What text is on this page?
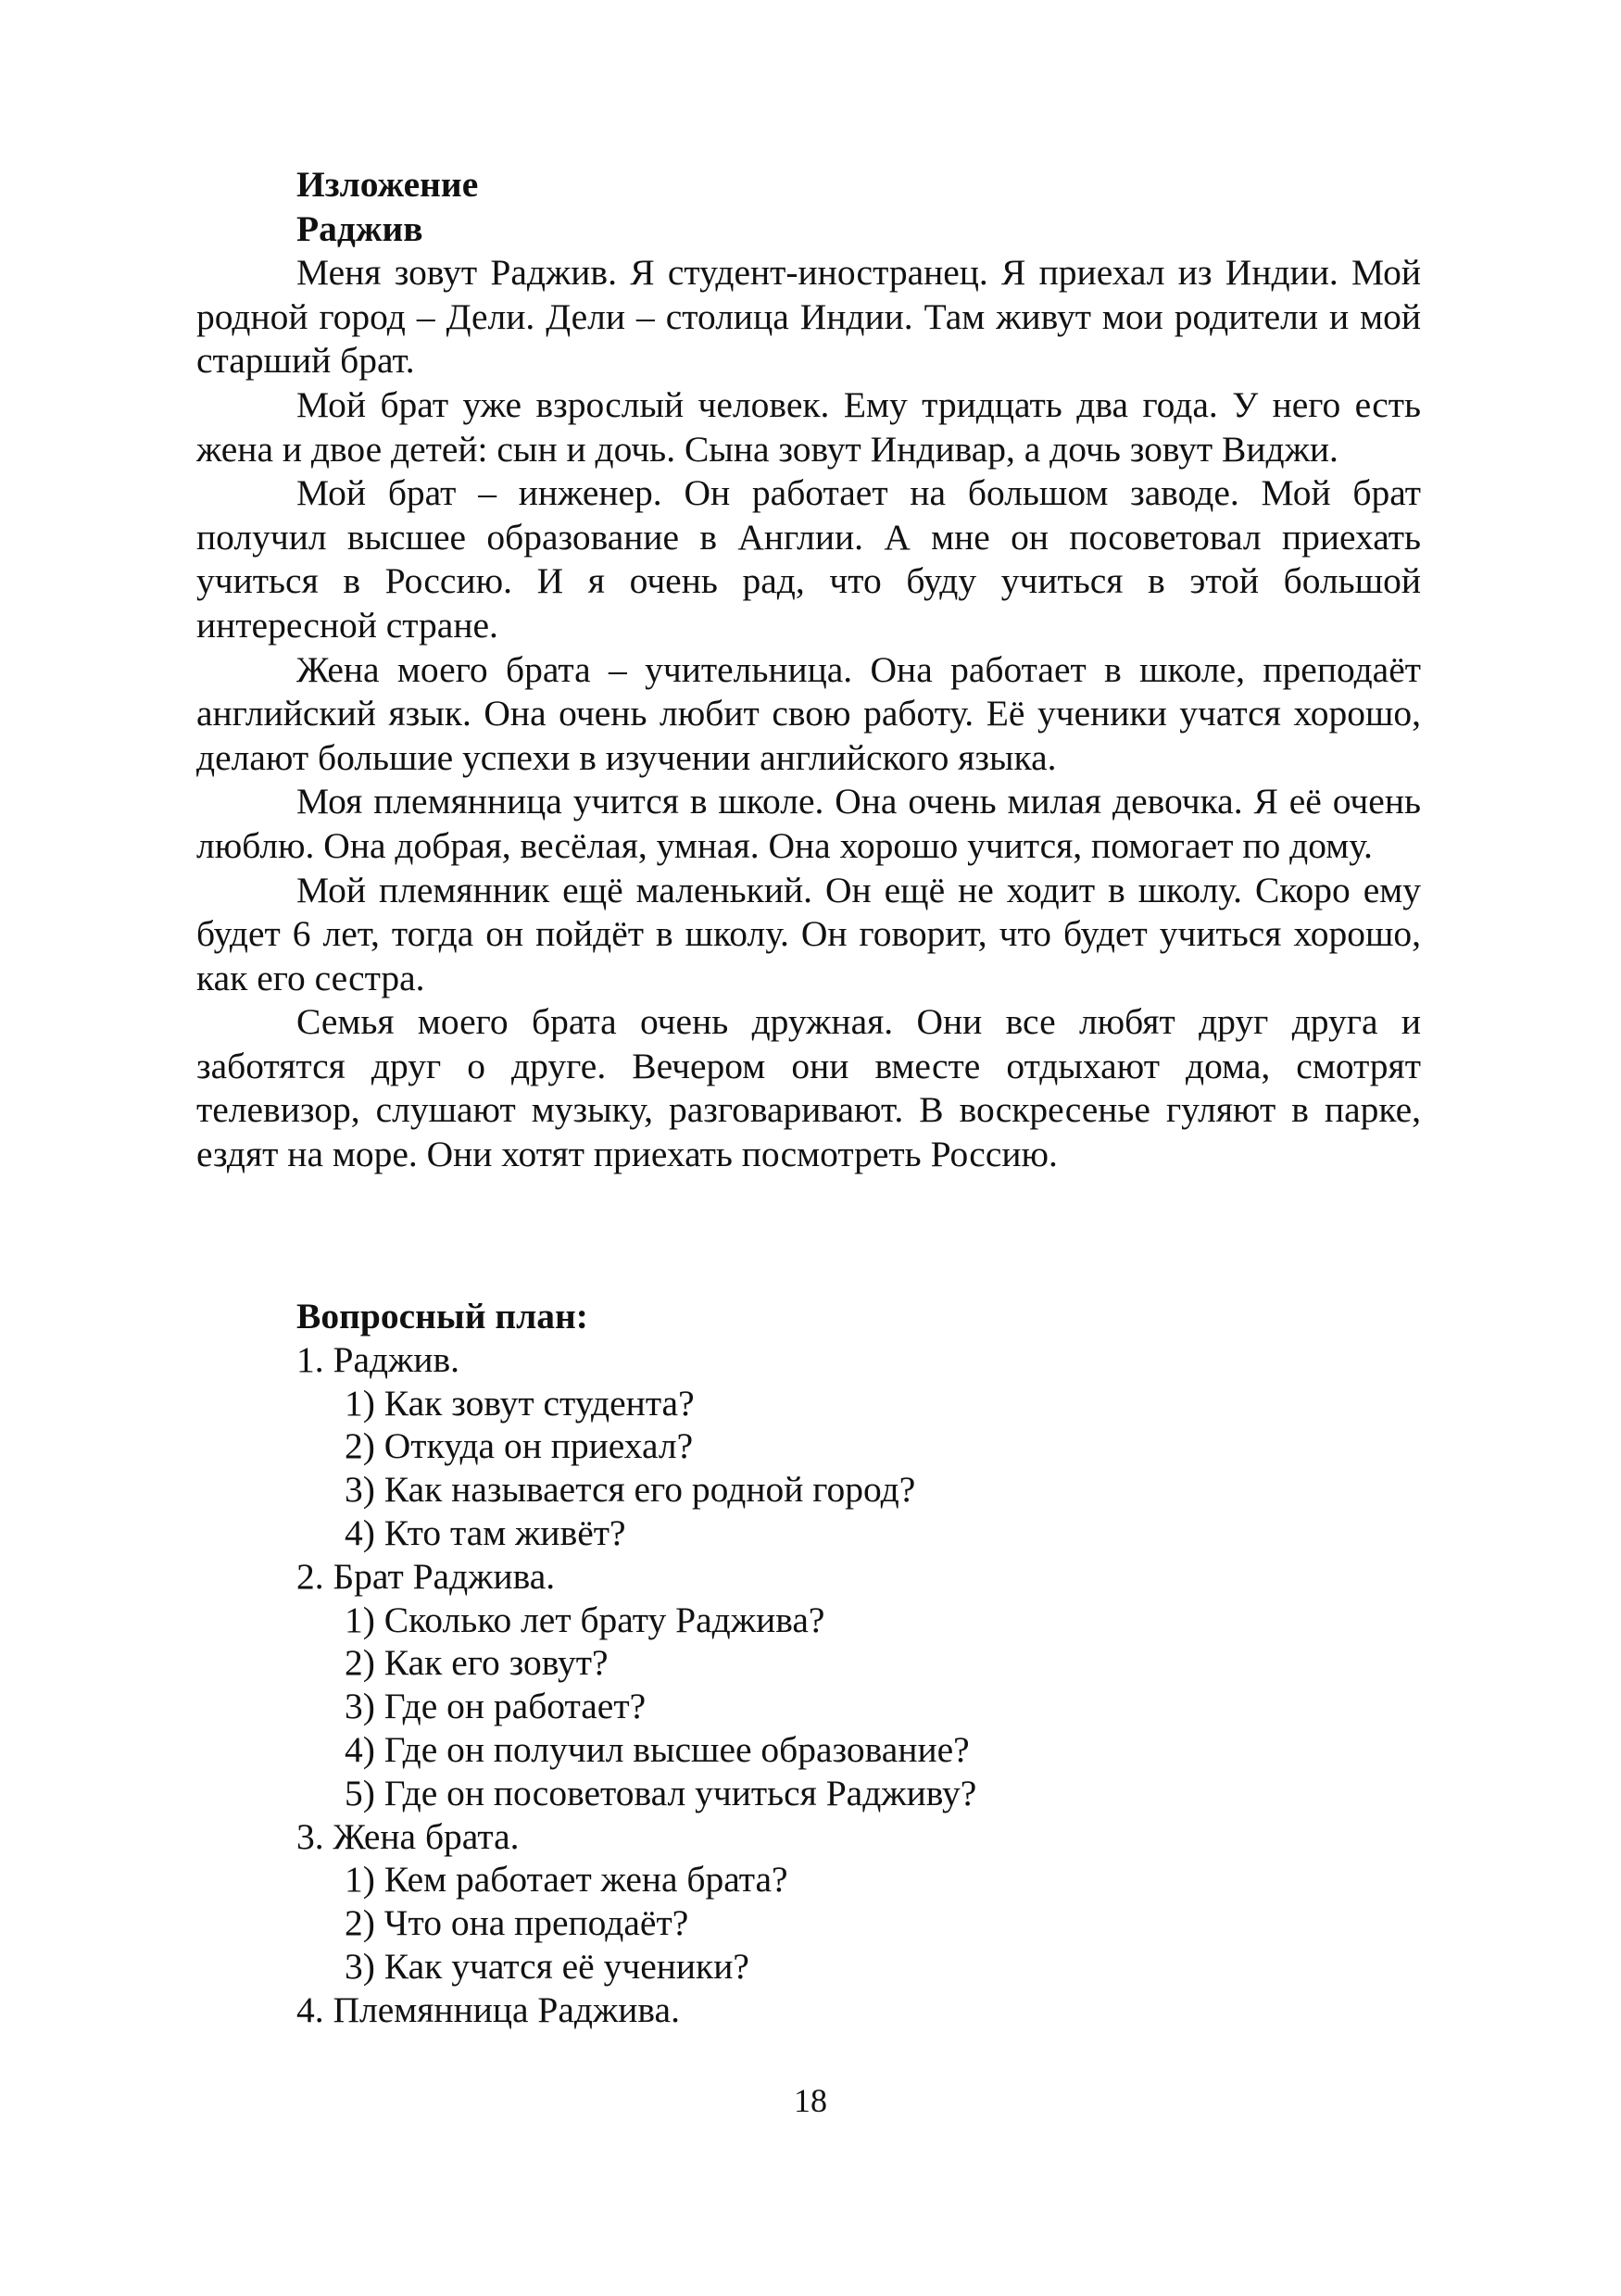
Изложение

Раджив

Меня зовут Раджив. Я студент-иностранец. Я приехал из Индии. Мой родной город – Дели. Дели – столица Индии. Там живут мои родители и мой старший брат.

Мой брат уже взрослый человек. Ему тридцать два года. У него есть жена и двое детей: сын и дочь. Сына зовут Индивар, а дочь зовут Виджи.

Мой брат – инженер. Он работает на большом заводе. Мой брат получил высшее образование в Англии. А мне он посоветовал приехать учиться в Россию. И я очень рад, что буду учиться в этой большой интересной стране.

Жена моего брата – учительница. Она работает в школе, преподаёт английский язык. Она очень любит свою работу. Её ученики учатся хорошо, делают большие успехи в изучении английского языка.

Моя племянница учится в школе. Она очень милая девочка. Я её очень люблю. Она добрая, весёлая, умная. Она хорошо учится, помогает по дому.

Мой племянник ещё маленький. Он ещё не ходит в школу. Скоро ему будет 6 лет, тогда он пойдёт в школу. Он говорит, что будет учиться хорошо, как его сестра.

Семья моего брата очень дружная. Они все любят друг друга и заботятся друг о друге. Вечером они вместе отдыхают дома, смотрят телевизор, слушают музыку, разговаривают. В воскресенье гуляют в парке, ездят на море. Они хотят приехать посмотреть Россию.

Вопросный план:

1. Раджив.

1) Как зовут студента?

2) Откуда он приехал?

3) Как называется его родной город?

4) Кто там живёт?

2. Брат Раджива.

1) Сколько лет брату Раджива?

2) Как его зовут?

3) Где он работает?

4) Где он получил высшее образование?

5) Где он посоветовал учиться Радживу?

3. Жена брата.

1) Кем работает жена брата?

2) Что она преподаёт?

3) Как учатся её ученики?

4. Племянница Раджива.

18
